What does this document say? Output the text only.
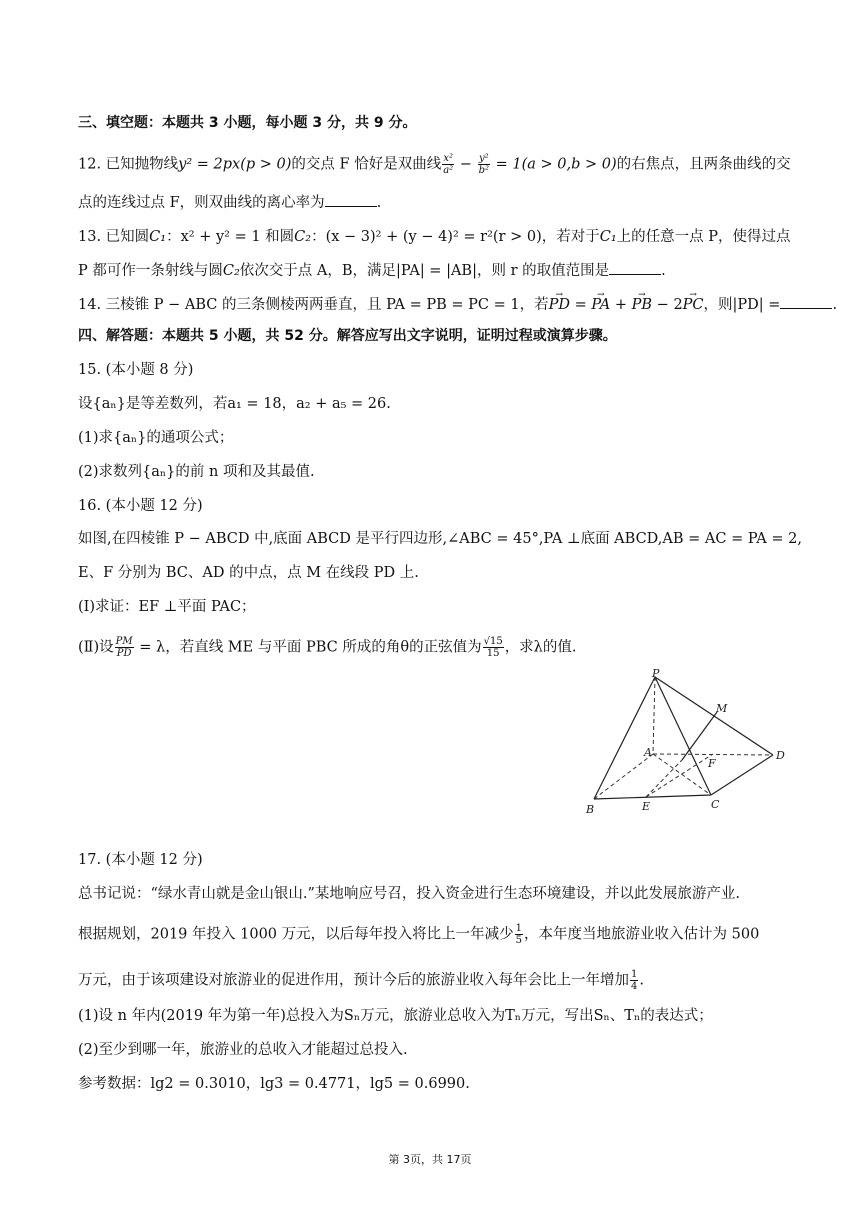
三、填空题：本题共 3 小题，每小题 3 分，共 9 分。
12. 已知抛物线y² = 2px(p > 0)的交点 F 恰好是双曲线 $\frac{\text{x²}}{\text{a²}} - \frac{\text{y²}}{\text{b²}} = 1(a > 0,b > 0)$的右焦点，且两条曲线的交
点的连线过点 F，则双曲线的离心率为	.
13. 已知圆C₁：x² + y² = 1 和圆C₂：(x − 3)² + (y − 4)² = r²(r > 0)，若对于C₁上的任意一点 P，使得过点
P 都可作一条射线与圆C₂依次交于点 A，B，满足|PA| = |AB|，则 r 的取值范围是	.
14. 三棱锥 P − ABC 的三条侧棱两两垂直，且 PA = PB = PC = 1，若→ PD = → PA + → PB − 2→ PC，则|PD| =	.
四、解答题：本题共 5 小题，共 52 分。解答应写出文字说明，证明过程或演算步骤。
15. (本小题 8 分)
设{aₙ}是等差数列，若a₁ = 18，a₂ + a₅ = 26.
(1)求{aₙ}的通项公式；
(2)求数列{aₙ}的前 n 项和及其最值.
16. (本小题 12 分)
如图,在四棱锥 P − ABCD 中,底面 ABCD 是平行四边形,∠ABC = 45°,PA ⊥底面 ABCD,AB = AC = PA = 2,
E、F 分别为 BC、AD 的中点，点 M 在线段 PD 上.
(Ⅰ)求证：EF ⊥平面 PAC；
(Ⅱ)设 $\frac{PM}{PD} = \lambda$，若直线 ME 与平面 PBC 所成的角θ的正弦值为 $\frac{√15}{15}$ ，求λ的值.
P
M
A
F
D
B	E	C
17. (本小题 12 分)
总书记说：“绿水青山就是金山银山.”某地响应号召，投入资金进行生态环境建设，并以此发展旅游产业.
根据规划，2019 年投入 1000 万元，以后每年投入将比上一年减少 $\frac{1}{5}$ ，本年度当地旅游业收入估计为 500
万元，由于该项建设对旅游业的促进作用，预计今后的旅游业收入每年会比上一年增加 $\frac{1}{4}$ .
(1)设 n 年内(2019 年为第一年)总投入为Sₙ万元，旅游业总收入为Tₙ万元，写出Sₙ、Tₙ的表达式；
(2)至少到哪一年，旅游业的总收入才能超过总投入.
参考数据：lg2 = 0.3010，lg3 = 0.4771，lg5 = 0.6990.
第 3页，共 17页
